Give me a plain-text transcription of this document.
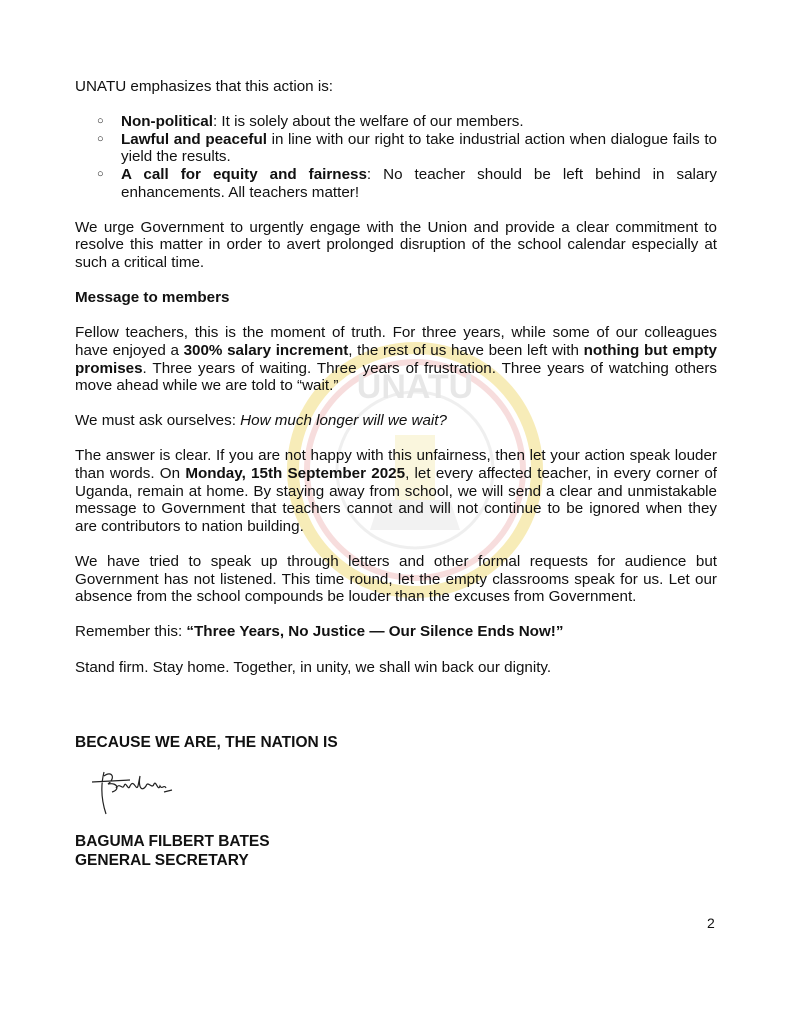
UNATU

UNATU emphasizes that this action is:

○ Non-political: It is solely about the welfare of our members.
○ Lawful and peaceful in line with our right to take industrial action when dialogue fails to yield the results.
○ A call for equity and fairness: No teacher should be left behind in salary enhancements. All teachers matter!

We urge Government to urgently engage with the Union and provide a clear commitment to resolve this matter in order to avert prolonged disruption of the school calendar especially at such a critical time.

Message to members

Fellow teachers, this is the moment of truth. For three years, while some of our colleagues have enjoyed a 300% salary increment, the rest of us have been left with nothing but empty promises. Three years of waiting. Three years of frustration. Three years of watching others move ahead while we are told to “wait.”

We must ask ourselves: How much longer will we wait?

The answer is clear. If you are not happy with this unfairness, then let your action speak louder than words. On Monday, 15th September 2025, let every affected teacher, in every corner of Uganda, remain at home. By staying away from school, we will send a clear and unmistakable message to Government that teachers cannot and will not continue to be ignored when they are contributors to nation building.

We have tried to speak up through letters and other formal requests for audience but Government has not listened. This time round, let the empty classrooms speak for us. Let our absence from the school compounds be louder than the excuses from Government.

Remember this: “Three Years, No Justice — Our Silence Ends Now!”

Stand firm. Stay home. Together, in unity, we shall win back our dignity.

BECAUSE WE ARE, THE NATION IS
BAGUMA FILBERT BATES
GENERAL SECRETARY
2
